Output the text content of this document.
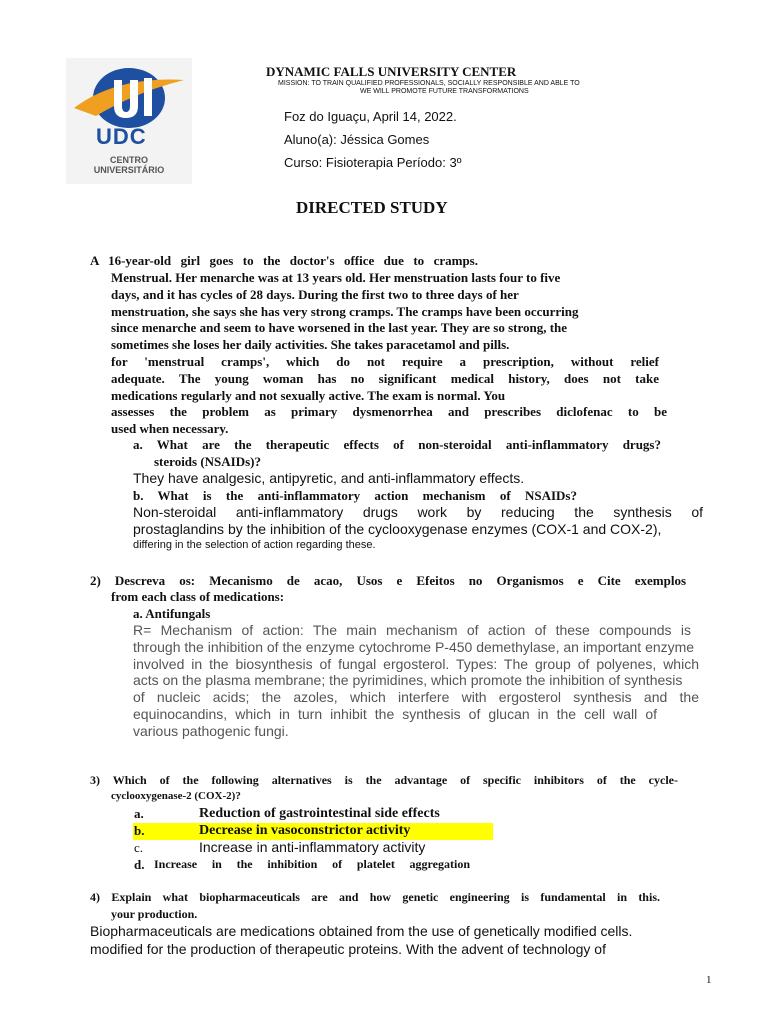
UDC
CENTRO
UNIVERSITÁRIO
DYNAMIC FALLS UNIVERSITY CENTER
MISSION: TO TRAIN QUALIFIED PROFESSIONALS, SOCIALLY RESPONSIBLE AND ABLE TO
WE WILL PROMOTE FUTURE TRANSFORMATIONS
Foz do Iguaçu, April 14, 2022.
Aluno(a): Jéssica Gomes
Curso: Fisioterapia Período: 3º
DIRECTED STUDY
A 16-year-old girl goes to the doctor's office due to cramps.
Menstrual. Her menarche was at 13 years old. Her menstruation lasts four to five
days, and it has cycles of 28 days. During the first two to three days of her
menstruation, she says she has very strong cramps. The cramps have been occurring
since menarche and seem to have worsened in the last year. They are so strong, the
sometimes she loses her daily activities. She takes paracetamol and pills.
for 'menstrual cramps', which do not require a prescription, without relief
adequate. The young woman has no significant medical history, does not take
medications regularly and not sexually active. The exam is normal. You
assesses the problem as primary dysmenorrhea and prescribes diclofenac to be
used when necessary.
a. What are the therapeutic effects of non-steroidal anti-inflammatory drugs?
steroids (NSAIDs)?
They have analgesic, antipyretic, and anti-inflammatory effects.
b. What is the anti-inflammatory action mechanism of NSAIDs?
Non-steroidal anti-inflammatory drugs work by reducing the synthesis of
prostaglandins by the inhibition of the cyclooxygenase enzymes (COX-1 and COX-2),
differing in the selection of action regarding these.
2) Descreva os: Mecanismo de acao, Usos e Efeitos no Organismos e Cite exemplos
from each class of medications:
a. Antifungals
R= Mechanism of action: The main mechanism of action of these compounds is
through the inhibition of the enzyme cytochrome P-450 demethylase, an important enzyme
involved in the biosynthesis of fungal ergosterol. Types: The group of polyenes, which
acts on the plasma membrane; the pyrimidines, which promote the inhibition of synthesis
of nucleic acids; the azoles, which interfere with ergosterol synthesis and the
equinocandins, which in turn inhibit the synthesis of glucan in the cell wall of
various pathogenic fungi.
3) Which of the following alternatives is the advantage of specific inhibitors of the cycle-
cyclooxygenase-2 (COX-2)?
a.	Reduction of gastrointestinal side effects
b.	Decrease in vasoconstrictor activity
c.	Increase in anti-inflammatory activity
d. Increase in the inhibition of platelet aggregation
4) Explain what biopharmaceuticals are and how genetic engineering is fundamental in this.
your production.
Biopharmaceuticals are medications obtained from the use of genetically modified cells.
modified for the production of therapeutic proteins. With the advent of technology of
1
